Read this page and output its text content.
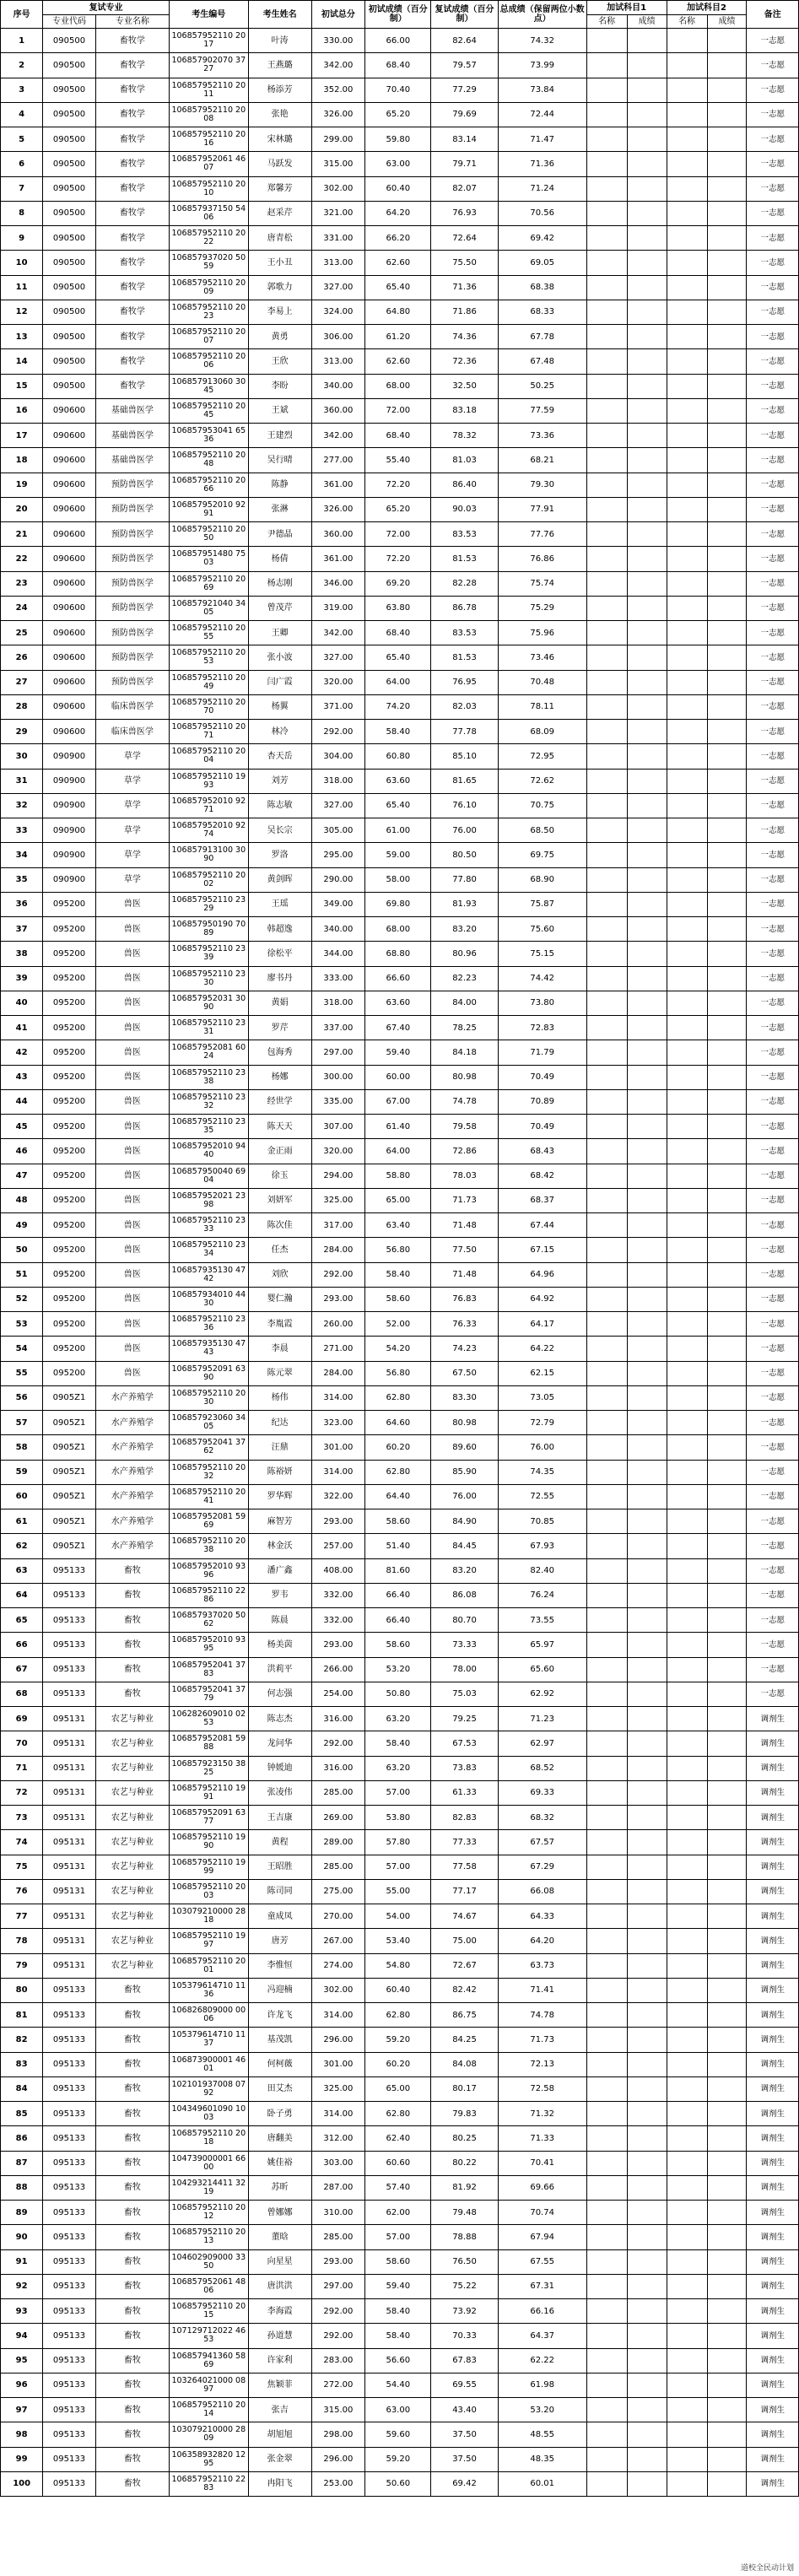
序号	复试专业		考生编号	考生姓名	初试总分	初试成绩（百分制）	复试成绩（百分制）	总成绩（保留两位小数点）	加试科目1		加试科目2		备注
	专业代码	专业名称							名称	成绩	名称	成绩	
1	090500	畜牧学	106857952110 2017	叶涛	330.00	66.00	82.64	74.32					一志愿
2	090500	畜牧学	106857902070 3727	王燕璐	342.00	68.40	79.57	73.99					一志愿
3	090500	畜牧学	106857952110 2011	杨添芳	352.00	70.40	77.29	73.84					一志愿
4	090500	畜牧学	106857952110 2008	张艳	326.00	65.20	79.69	72.44					一志愿
5	090500	畜牧学	106857952110 2016	宋林璐	299.00	59.80	83.14	71.47					一志愿
6	090500	畜牧学	106857952061 4607	马跃发	315.00	63.00	79.71	71.36					一志愿
7	090500	畜牧学	106857952110 2010	郑馨芳	302.00	60.40	82.07	71.24					一志愿
8	090500	畜牧学	106857937150 5406	赵采芹	321.00	64.20	76.93	70.56					一志愿
9	090500	畜牧学	106857952110 2022	唐青松	331.00	66.20	72.64	69.42					一志愿
10	090500	畜牧学	106857937020 5059	王小丑	313.00	62.60	75.50	69.05					一志愿
11	090500	畜牧学	106857952110 2009	郭歌力	327.00	65.40	71.36	68.38					一志愿
12	090500	畜牧学	106857952110 2023	李易上	324.00	64.80	71.86	68.33					一志愿
13	090500	畜牧学	106857952110 2007	黄勇	306.00	61.20	74.36	67.78					一志愿
14	090500	畜牧学	106857952110 2006	王欣	313.00	62.60	72.36	67.48					一志愿
15	090500	畜牧学	106857913060 3045	李盼	340.00	68.00	32.50	50.25					一志愿
16	090600	基础兽医学	106857952110 2045	王斌	360.00	72.00	83.18	77.59					一志愿
17	090600	基础兽医学	106857953041 6536	王建烈	342.00	68.40	78.32	73.36					一志愿
18	090600	基础兽医学	106857952110 2048	吴行晴	277.00	55.40	81.03	68.21					一志愿
19	090600	预防兽医学	106857952110 2066	陈静	361.00	72.20	86.40	79.30					一志愿
20	090600	预防兽医学	106857952010 9291	张淋	326.00	65.20	90.03	77.91					一志愿
21	090600	预防兽医学	106857952110 2050	尹德晶	360.00	72.00	83.53	77.76					一志愿
22	090600	预防兽医学	106857951480 7503	杨倩	361.00	72.20	81.53	76.86					一志愿
23	090600	预防兽医学	106857952110 2069	杨志刚	346.00	69.20	82.28	75.74					一志愿
24	090600	预防兽医学	106857921040 3405	曾茂芹	319.00	63.80	86.78	75.29					一志愿
25	090600	预防兽医学	106857952110 2055	王卿	342.00	68.40	83.53	75.96					一志愿
26	090600	预防兽医学	106857952110 2053	张小波	327.00	65.40	81.53	73.46					一志愿
27	090600	预防兽医学	106857952110 2049	闫广霞	320.00	64.00	76.95	70.48					一志愿
28	090600	临床兽医学	106857952110 2070	杨翼	371.00	74.20	82.03	78.11					一志愿
29	090600	临床兽医学	106857952110 2071	林冷	292.00	58.40	77.78	68.09					一志愿
30	090900	草学	106857952110 2004	杏天岳	304.00	60.80	85.10	72.95					一志愿
31	090900	草学	106857952110 1993	刘芳	318.00	63.60	81.65	72.62					一志愿
32	090900	草学	106857952010 9271	陈志敏	327.00	65.40	76.10	70.75					一志愿
33	090900	草学	106857952010 9274	吴长宗	305.00	61.00	76.00	68.50					一志愿
34	090900	草学	106857913100 3090	罗洛	295.00	59.00	80.50	69.75					一志愿
35	090900	草学	106857952110 2002	黄剑晖	290.00	58.00	77.80	68.90					一志愿
36	095200	兽医	106857952110 2329	王瑶	349.00	69.80	81.93	75.87					一志愿
37	095200	兽医	106857950190 7089	韩超逸	340.00	68.00	83.20	75.60					一志愿
38	095200	兽医	106857952110 2339	徐松平	344.00	68.80	80.96	75.15					一志愿
39	095200	兽医	106857952110 2330	廖书丹	333.00	66.60	82.23	74.42					一志愿
40	095200	兽医	106857952031 3090	黄娟	318.00	63.60	84.00	73.80					一志愿
41	095200	兽医	106857952110 2331	罗芹	337.00	67.40	78.25	72.83					一志愿
42	095200	兽医	106857952081 6024	包海秀	297.00	59.40	84.18	71.79					一志愿
43	095200	兽医	106857952110 2338	杨娜	300.00	60.00	80.98	70.49					一志愿
44	095200	兽医	106857952110 2332	经世学	335.00	67.00	74.78	70.89					一志愿
45	095200	兽医	106857952110 2335	陈天天	307.00	61.40	79.58	70.49					一志愿
46	095200	兽医	106857952010 9440	金正雨	320.00	64.00	72.86	68.43					一志愿
47	095200	兽医	106857950040 6904	徐玉	294.00	58.80	78.03	68.42					一志愿
48	095200	兽医	106857952021 2398	刘妍军	325.00	65.00	71.73	68.37					一志愿
49	095200	兽医	106857952110 2333	陈次佳	317.00	63.40	71.48	67.44					一志愿
50	095200	兽医	106857952110 2334	任杰	284.00	56.80	77.50	67.15					一志愿
51	095200	兽医	106857935130 4742	刘欣	292.00	58.40	71.48	64.96					一志愿
52	095200	兽医	106857934010 4430	婴仁瀚	293.00	58.60	76.83	64.92					一志愿
53	095200	兽医	106857952110 2336	李胤霞	260.00	52.00	76.33	64.17					一志愿
54	095200	兽医	106857935130 4743	李晨	271.00	54.20	74.23	64.22					一志愿
55	095200	兽医	106857952091 6390	陈元翠	284.00	56.80	67.50	62.15					一志愿
56	0905Z1	水产养殖学	106857952110 2030	杨伟	314.00	62.80	83.30	73.05					一志愿
57	0905Z1	水产养殖学	106857923060 3405	纪达	323.00	64.60	80.98	72.79					一志愿
58	0905Z1	水产养殖学	106857952041 3762	汪鼎	301.00	60.20	89.60	76.00					一志愿
59	0905Z1	水产养殖学	106857952110 2032	陈裕妍	314.00	62.80	85.90	74.35					一志愿
60	0905Z1	水产养殖学	106857952110 2041	罗华辉	322.00	64.40	76.00	72.55					一志愿
61	0905Z1	水产养殖学	106857952081 5969	麻智芳	293.00	58.60	84.90	70.85					一志愿
62	0905Z1	水产养殖学	106857952110 2038	林金沃	257.00	51.40	84.45	67.93					一志愿
63	095133	畜牧	106857952010 9396	潘广鑫	408.00	81.60	83.20	82.40					一志愿
64	095133	畜牧	106857952110 2286	罗韦	332.00	66.40	86.08	76.24					一志愿
65	095133	畜牧	106857937020 5062	陈晨	332.00	66.40	80.70	73.55					一志愿
66	095133	畜牧	106857952010 9395	杨美茵	293.00	58.60	73.33	65.97					一志愿
67	095133	畜牧	106857952041 3783	洪莉平	266.00	53.20	78.00	65.60					一志愿
68	095133	畜牧	106857952041 3779	何志强	254.00	50.80	75.03	62.92					一志愿
69	095131	农艺与种业	106282609010 0253	陈志杰	316.00	63.20	79.25	71.23					调剂生
70	095131	农艺与种业	106857952081 5988	龙问华	292.00	58.40	67.53	62.97					调剂生
71	095131	农艺与种业	106857923150 3825	钟媛迪	316.00	63.20	73.83	68.52					调剂生
72	095131	农艺与种业	106857952110 1991	张凌伟	285.00	57.00	61.33	69.33					调剂生
73	095131	农艺与种业	106857952091 6377	王吉康	269.00	53.80	82.83	68.32					调剂生
74	095131	农艺与种业	106857952110 1990	黄程	289.00	57.80	77.33	67.57					调剂生
75	095131	农艺与种业	106857952110 1999	王昭胜	285.00	57.00	77.58	67.29					调剂生
76	095131	农艺与种业	106857952110 2003	陈司同	275.00	55.00	77.17	66.08					调剂生
77	095131	农艺与种业	103079210000 2818	童成凤	270.00	54.00	74.67	64.33					调剂生
78	095131	农艺与种业	106857952110 1997	唐芳	267.00	53.40	75.00	64.20					调剂生
79	095131	农艺与种业	106857952110 2001	李惟恒	274.00	54.80	72.67	63.73					调剂生
80	095133	畜牧	105379614710 1136	冯迎楠	302.00	60.40	82.42	71.41					调剂生
81	095133	畜牧	106826809000 0006	许龙飞	314.00	62.80	86.75	74.78					调剂生
82	095133	畜牧	105379614710 1137	基茂凯	296.00	59.20	84.25	71.73					调剂生
83	095133	畜牧	106873900001 4601	何柯薇	301.00	60.20	84.08	72.13					调剂生
84	095133	畜牧	102101937008 0792	田艾杰	325.00	65.00	80.17	72.58					调剂生
85	095133	畜牧	104349601090 1003	卧子勇	314.00	62.80	79.83	71.32					调剂生
86	095133	畜牧	106857952110 2018	唐翻美	312.00	62.40	80.25	71.33					调剂生
87	095133	畜牧	104739000001 6600	姚佳裕	303.00	60.60	80.22	70.41					调剂生
88	095133	畜牧	104293214411 3219	苏昕	287.00	57.40	81.92	69.66					调剂生
89	095133	畜牧	106857952110 2012	曾娜娜	310.00	62.00	79.48	70.74					调剂生
90	095133	畜牧	106857952110 2013	董晗	285.00	57.00	78.88	67.94					调剂生
91	095133	畜牧	104602909000 3350	向星星	293.00	58.60	76.50	67.55					调剂生
92	095133	畜牧	106857952061 4806	唐洪洪	297.00	59.40	75.22	67.31					调剂生
93	095133	畜牧	106857952110 2015	李海霞	292.00	58.40	73.92	66.16					调剂生
94	095133	畜牧	107129712022 4653	孙道慧	292.00	58.40	70.33	64.37					调剂生
95	095133	畜牧	106857941360 5869	许家利	283.00	56.60	67.83	62.22					调剂生
96	095133	畜牧	103264021000 0897	焦颖菲	272.00	54.40	69.55	61.98					调剂生
97	095133	畜牧	106857952110 2014	张吉	315.00	63.00	43.40	53.20					调剂生
98	095133	畜牧	103079210000 2809	胡旭旭	298.00	59.60	37.50	48.55					调剂生
99	095133	畜牧	106358932820 1295	张金翠	296.00	59.20	37.50	48.35					调剂生
100	095133	畜牧	106857952110 2283	冉阳飞	253.00	50.60	69.42	60.01					调剂生
道校全民动计划
